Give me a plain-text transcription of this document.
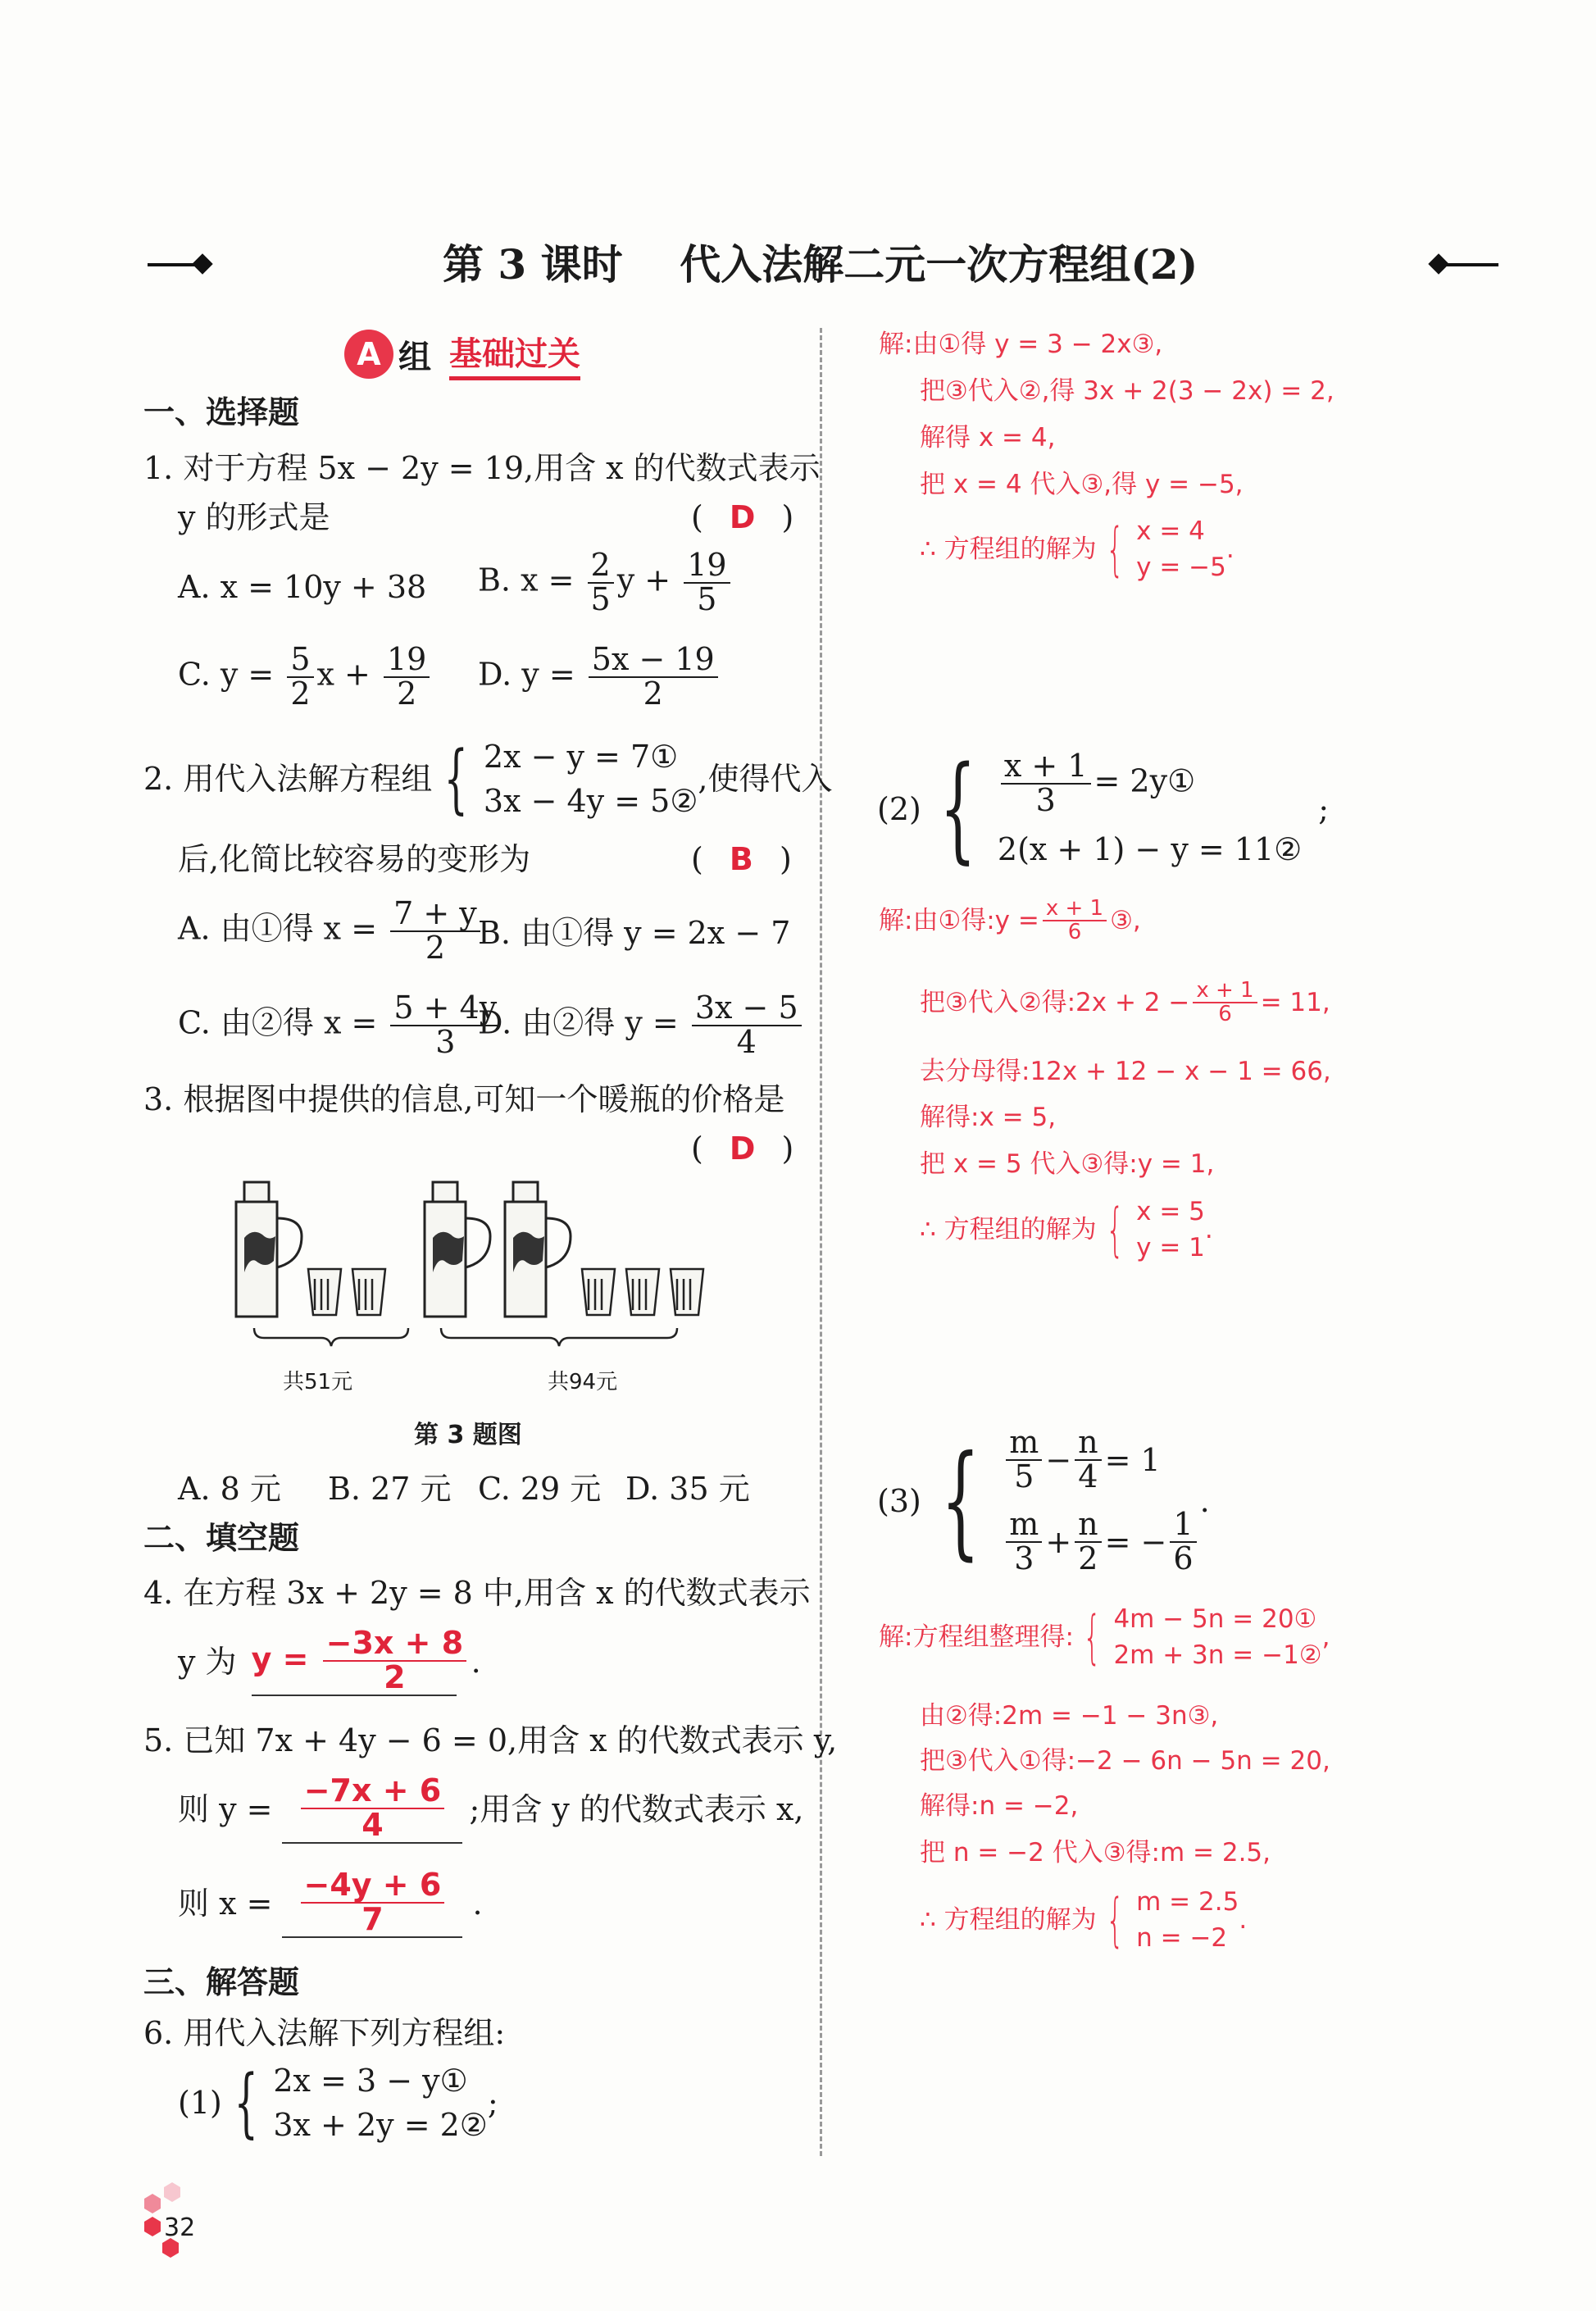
第 3 课时    代入法解二元一次方程组(2)
A 组 基础过关
一、选择题
1. 对于方程 5x − 2y = 19,用含 x 的代数式表示
y 的形式是	( D )
A. x = 10y + 38 B. $x = \frac{2}{5}$ $y + \frac{19}{5}$
C. $y = \frac{5}{2}$ $x + \frac{19}{2} D$. $y = \frac{5x - 19}{2}$
2. 用代入法解方程组 { 2x − y = 7①
3x − 4y = 5②
,使得代入
后,化简比较容易的变形为	( B )
A. 由①得 $x = \frac{7 + y}{2}$
B. 由①得 y = 2x − 7
C. 由②得 $x = \frac{5 + 4y}{3}$
D. 由②得 $y = \frac{3x - 5}{4}$
3. 根据图中提供的信息,可知一个暖瓶的价格是
( D )
共51元	共94元
第 3 题图
A. 8 元 B. 27 元 C. 29 元 D. 35 元
二、填空题
4. 在方程 3x + 2y = 8 中,用含 x 的代数式表示
y 为 $y = \frac{-3x + 8}{2}$ .
5. 已知 7x + 4y − 6 = 0,用含 x 的代数式表示 y,
则 $y = \frac{-7x + 6}{4}$ ;用含 y 的代数式表示 x,
则 $x = \frac{-4y + 6}{7}$ .
三、解答题
6. 用代入法解下列方程组:
(1) { 2x = 3 − y①
3x + 2y = 2②
;
解:由①得 y = 3 − 2x③,
把③代入②,得 3x + 2(3 − 2x) = 2,
解得 x = 4,
把 x = 4 代入③,得 y = −5,
∴ 方程组的解为 { x = 4
y = −5
.
(2) { $\frac{x + 1}{3}$ = 2y①
2(x + 1) − y = 11②
;
解:由①得:y = $\frac{x + 1}{6}$ ③,
把③代入②得:2x + $2 - \frac{x + 1}{6} = 11$,
去分母得:12x + 12 − x − 1 = 66,
解得:x = 5,
把 x = 5 代入③得:y = 1,
∴ 方程组的解为 { x = 5
y = 1
.
(3) { $\frac{m}{5} - \frac{n}{4} = 1$
$\frac{m}{3} + \frac{n}{2}$ = − $\frac{1}{6}$
.
解:方程组整理得: { 4m − 5n = 20①
2m + 3n = −1②
,
由②得:2m = −1 − 3n③,
把③代入①得:−2 − 6n − 5n = 20,
解得:n = −2,
把 n = −2 代入③得:m = 2.5,
∴ 方程组的解为 { m = 2.5
n = −2
.
32
